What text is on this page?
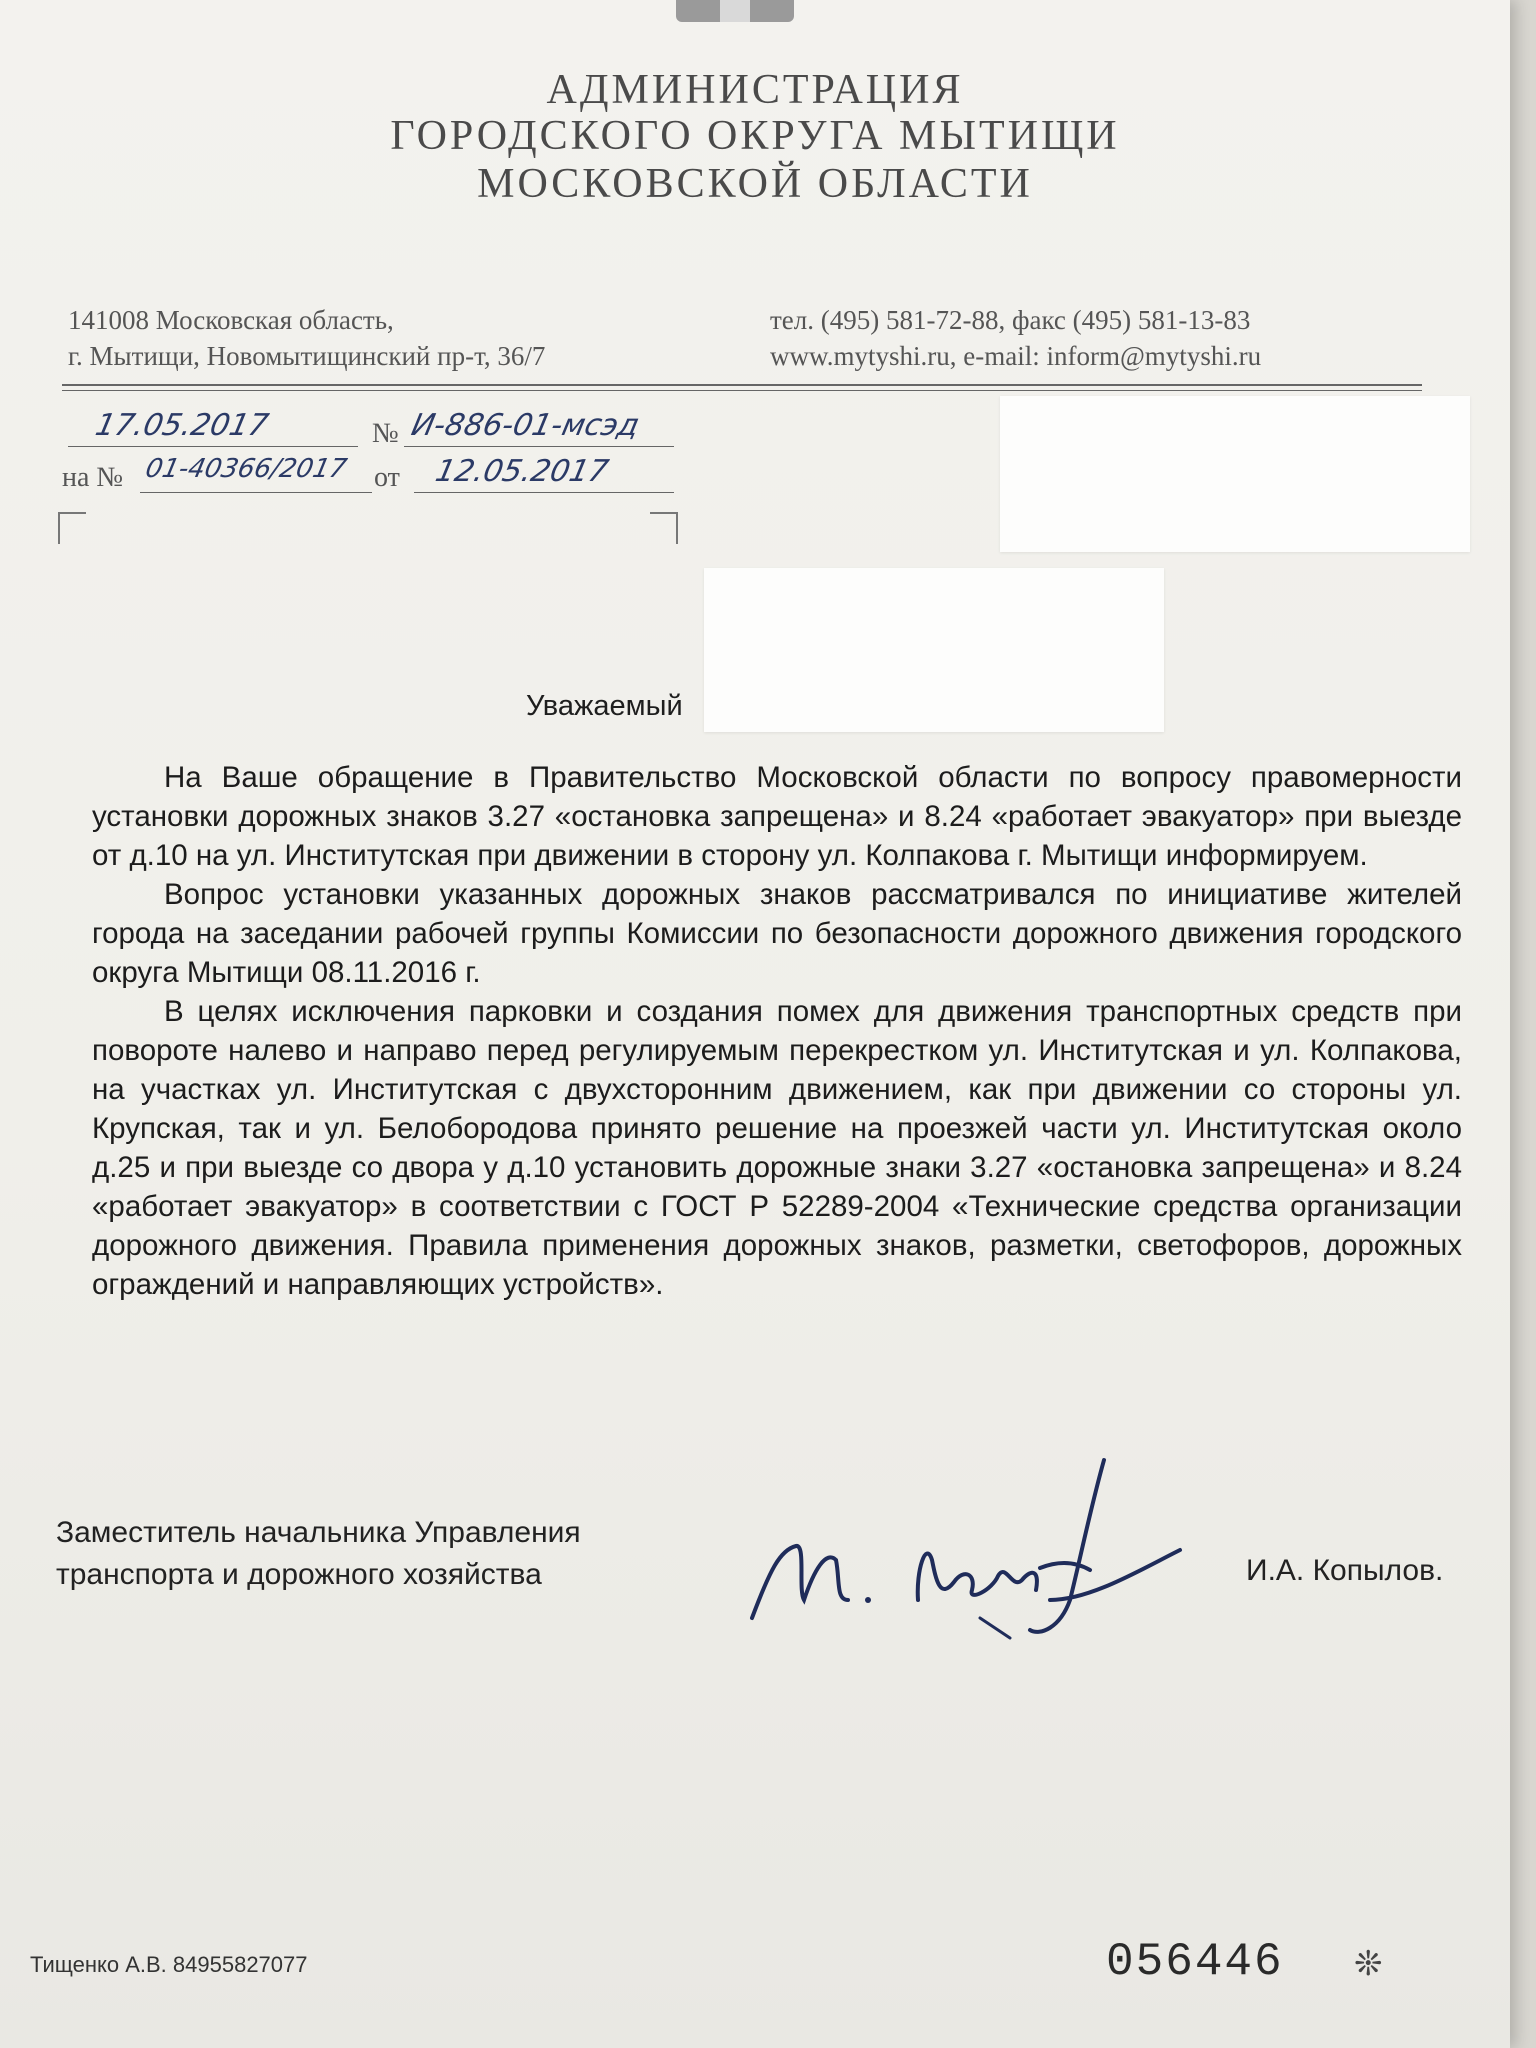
АДМИНИСТРАЦИЯ
ГОРОДСКОГО ОКРУГА МЫТИЩИ
МОСКОВСКОЙ ОБЛАСТИ
141008 Московская область,
г. Мытищи, Новомытищинский пр-т, 36/7
тел. (495) 581-72-88, факс (495) 581-13-83
www.mytyshi.ru, e-mail: inform@mytyshi.ru
17.05.2017	№ И-886-01-мсэд
на № 01-40366/2017 от 12.05.2017
Уважаемый

На Ваше обращение в Правительство Московской области по вопросу правомерности установки дорожных знаков 3.27 «остановка запрещена» и 8.24 «работает эвакуатор» при выезде от д.10 на ул. Институтская при движении в сторону ул. Колпакова г. Мытищи информируем.

Вопрос установки указанных дорожных знаков рассматривался по инициативе жителей города на заседании рабочей группы Комиссии по безопасности дорожного движения городского округа Мытищи 08.11.2016 г.

В целях исключения парковки и создания помех для движения транспортных средств при повороте налево и направо перед регулируемым перекрестком ул. Институтская и ул. Колпакова, на участках ул. Институтская с двухсторонним движением, как при движении со стороны ул. Крупская, так и ул. Белобородова принято решение на проезжей части ул. Институтская около д.25 и при выезде со двора у д.10 установить дорожные знаки 3.27 «остановка запрещена» и 8.24 «работает эвакуатор» в соответствии с ГОСТ Р 52289-2004 «Технические средства организации дорожного движения. Правила применения дорожных знаков, разметки, светофоров, дорожных ограждений и направляющих устройств».

Заместитель начальника Управления
транспорта и дорожного хозяйства	И.А. Копылов.
Тищенко А.В. 84955827077	056446 ❊
